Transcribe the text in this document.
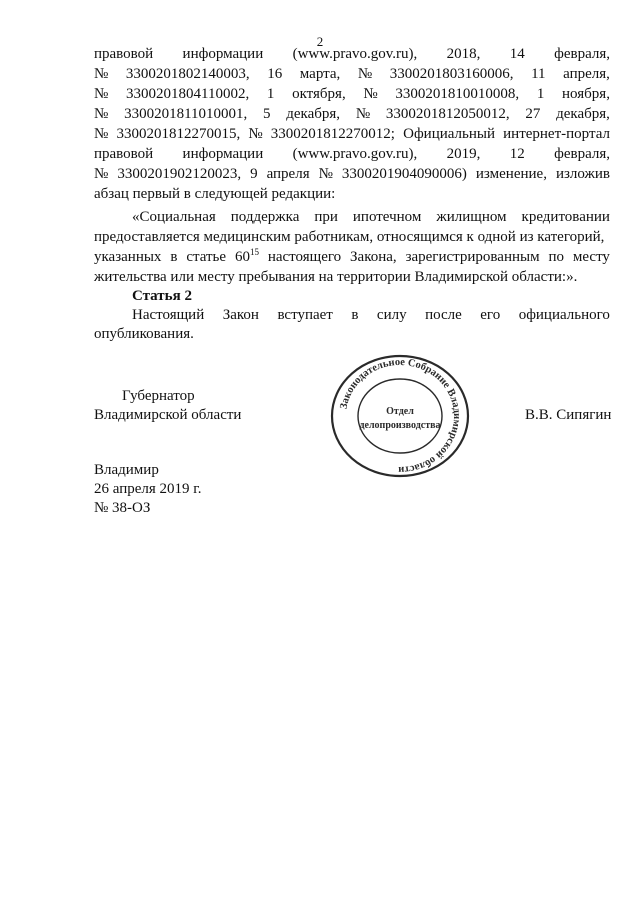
2
правовой информации (www.pravo.gov.ru), 2018, 14 февраля,
№ 3300201802140003, 16 марта, № 3300201803160006, 11 апреля,
№ 3300201804110002, 1 октября, № 3300201810010008, 1 ноября,
№ 3300201811010001, 5 декабря, № 3300201812050012, 27 декабря,
№ 3300201812270015, № 3300201812270012; Официальный интернет-портал
правовой информации (www.pravo.gov.ru), 2019, 12 февраля,
№ 3300201902120023, 9 апреля № 3300201904090006) изменение, изложив
абзац первый в следующей редакции:
«Социальная поддержка при ипотечном жилищном кредитовании
предоставляется медицинским работникам, относящимся к одной из категорий,
указанных в статье $60^{15}$ настоящего Закона, зарегистрированным по месту
жительства или месту пребывания на территории Владимирской области:».
Статья 2
Настоящий Закон вступает в силу после его официального
опубликования.
Губернатор
Владимирской области	В.В. Сипягин
Законодательное Собрание Владимирской области
Отдел
делопроизводства
Владимир
26 апреля 2019 г.
№ 38-ОЗ
